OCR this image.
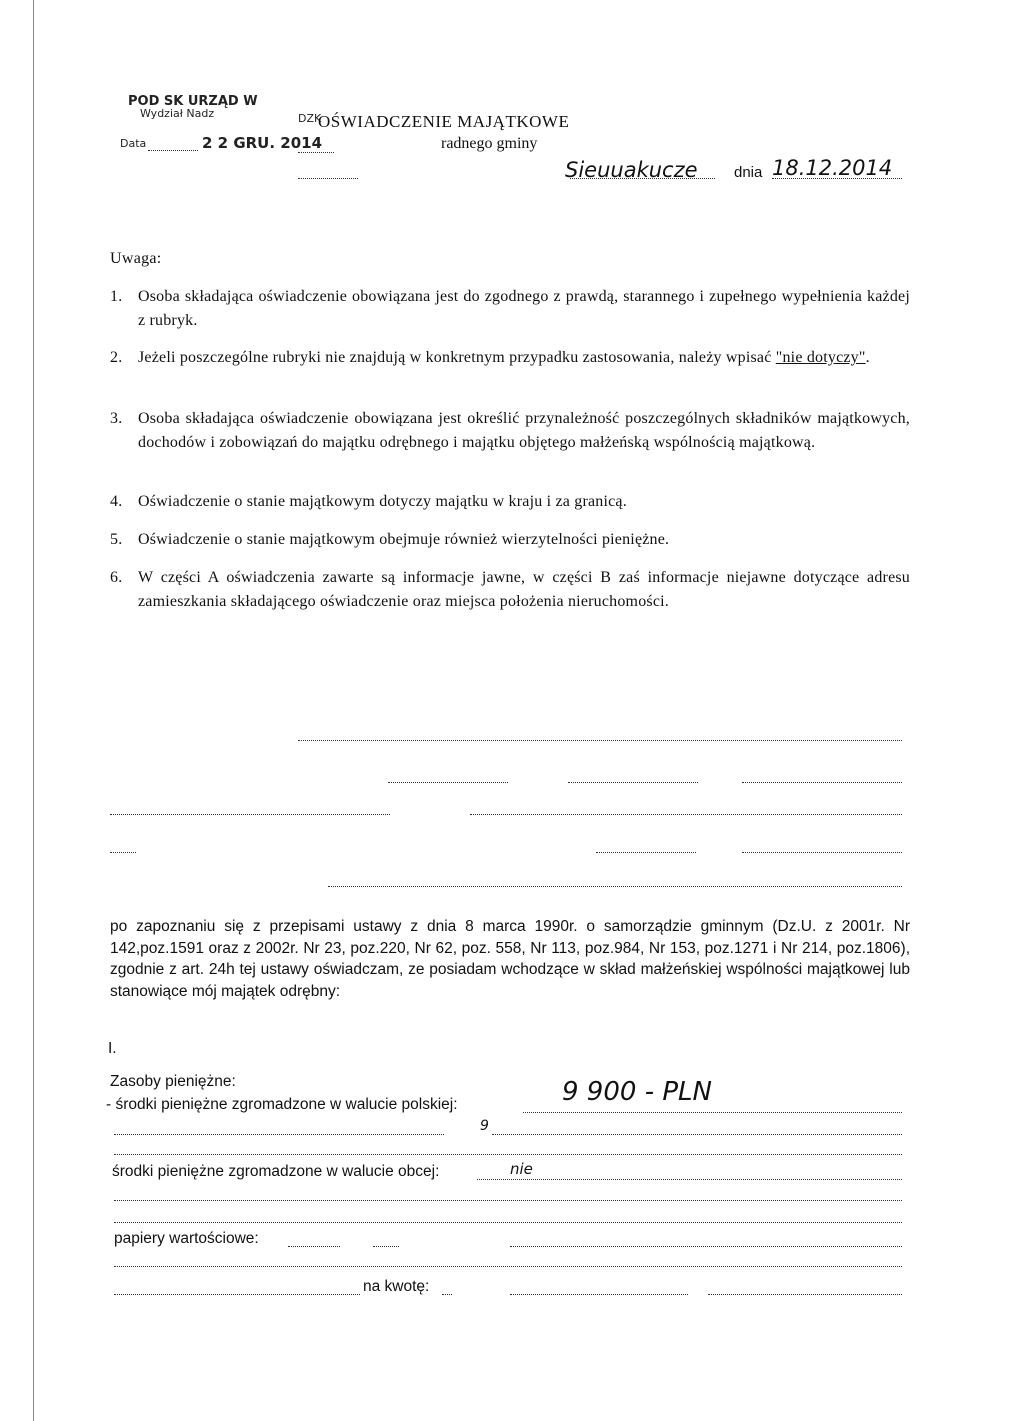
POD SK URZĄD W
Wydział Nadz
Data	2 2 GRU. 2014
DZK
OŚWIADCZENIE MAJĄTKOWE
radnego gminy
Sieuuakucze dnia 18.12.2014
Uwaga:
1. Osoba składająca oświadczenie obowiązana jest do zgodnego z prawdą, starannego i zupełnego wypełnienia każdej z rubryk.
2. Jeżeli poszczególne rubryki nie znajdują w konkretnym przypadku zastosowania, należy wpisać "nie dotyczy".
3. Osoba składająca oświadczenie obowiązana jest określić przynależność poszczególnych składników majątkowych, dochodów i zobowiązań do majątku odrębnego i majątku objętego małżeńską wspólnością majątkową.
4. Oświadczenie o stanie majątkowym dotyczy majątku w kraju i za granicą.
5. Oświadczenie o stanie majątkowym obejmuje również wierzytelności pieniężne.
6. W części A oświadczenia zawarte są informacje jawne, w części B zaś informacje niejawne dotyczące adresu zamieszkania składającego oświadczenie oraz miejsca położenia nieruchomości.
po zapoznaniu się z przepisami ustawy z dnia 8 marca 1990r. o samorządzie gminnym (Dz.U. z 2001r. Nr 142,poz.1591 oraz z 2002r. Nr 23, poz.220, Nr 62, poz. 558, Nr 113, poz.984, Nr 153, poz.1271 i Nr 214, poz.1806), zgodnie z art. 24h tej ustawy oświadczam, ze posiadam wchodzące w skład małżeńskiej wspólności majątkowej lub stanowiące mój majątek odrębny:
I.
Zasoby pieniężne:
- środki pieniężne zgromadzone w walucie polskiej:	9 900 - PLN
9
środki pieniężne zgromadzone w walucie obcej:	nie
papiery wartościowe:
na kwotę:
